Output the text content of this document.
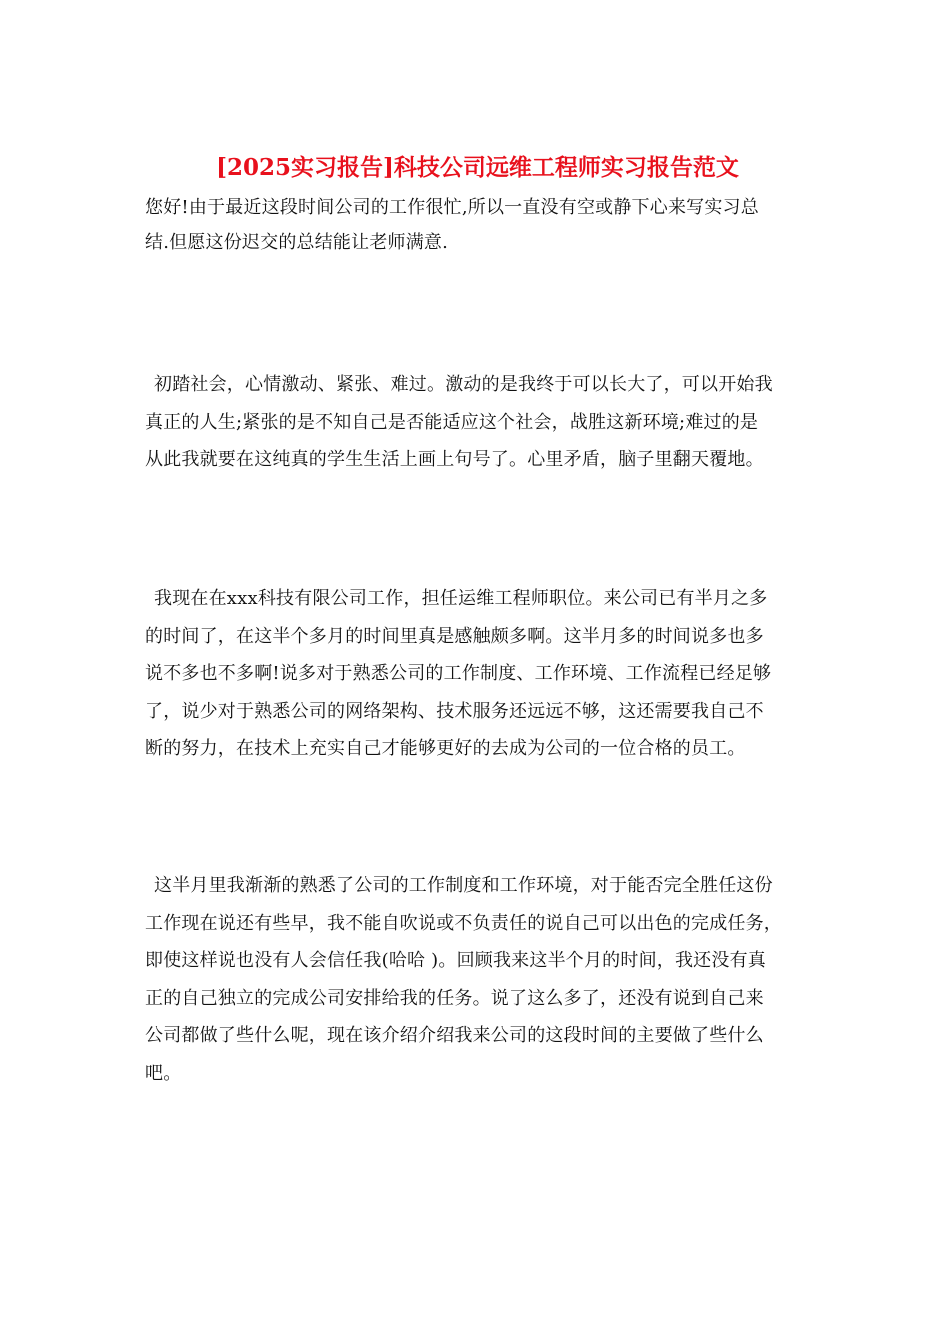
[2025实习报告]科技公司远维工程师实习报告范文

您好!由于最近这段时间公司的工作很忙,所以一直没有空或静下心来写实习总
结.但愿这份迟交的总结能让老师满意.

初踏社会，心情激动、紧张、难过。激动的是我终于可以长大了，可以开始我
真正的人生;紧张的是不知自己是否能适应这个社会，战胜这新环境;难过的是
从此我就要在这纯真的学生生活上画上句号了。心里矛盾，脑子里翻天覆地。

我现在在xxx科技有限公司工作，担任运维工程师职位。来公司已有半月之多
的时间了，在这半个多月的时间里真是感触颇多啊。这半月多的时间说多也多
说不多也不多啊!说多对于熟悉公司的工作制度、工作环境、工作流程已经足够
了，说少对于熟悉公司的网络架构、技术服务还远远不够，这还需要我自己不
断的努力，在技术上充实自己才能够更好的去成为公司的一位合格的员工。

这半月里我渐渐的熟悉了公司的工作制度和工作环境，对于能否完全胜任这份
工作现在说还有些早，我不能自吹说或不负责任的说自己可以出色的完成任务，
即使这样说也没有人会信任我(哈哈 )。回顾我来这半个月的时间，我还没有真
正的自己独立的完成公司安排给我的任务。说了这么多了，还没有说到自己来
公司都做了些什么呢，现在该介绍介绍我来公司的这段时间的主要做了些什么
吧。
